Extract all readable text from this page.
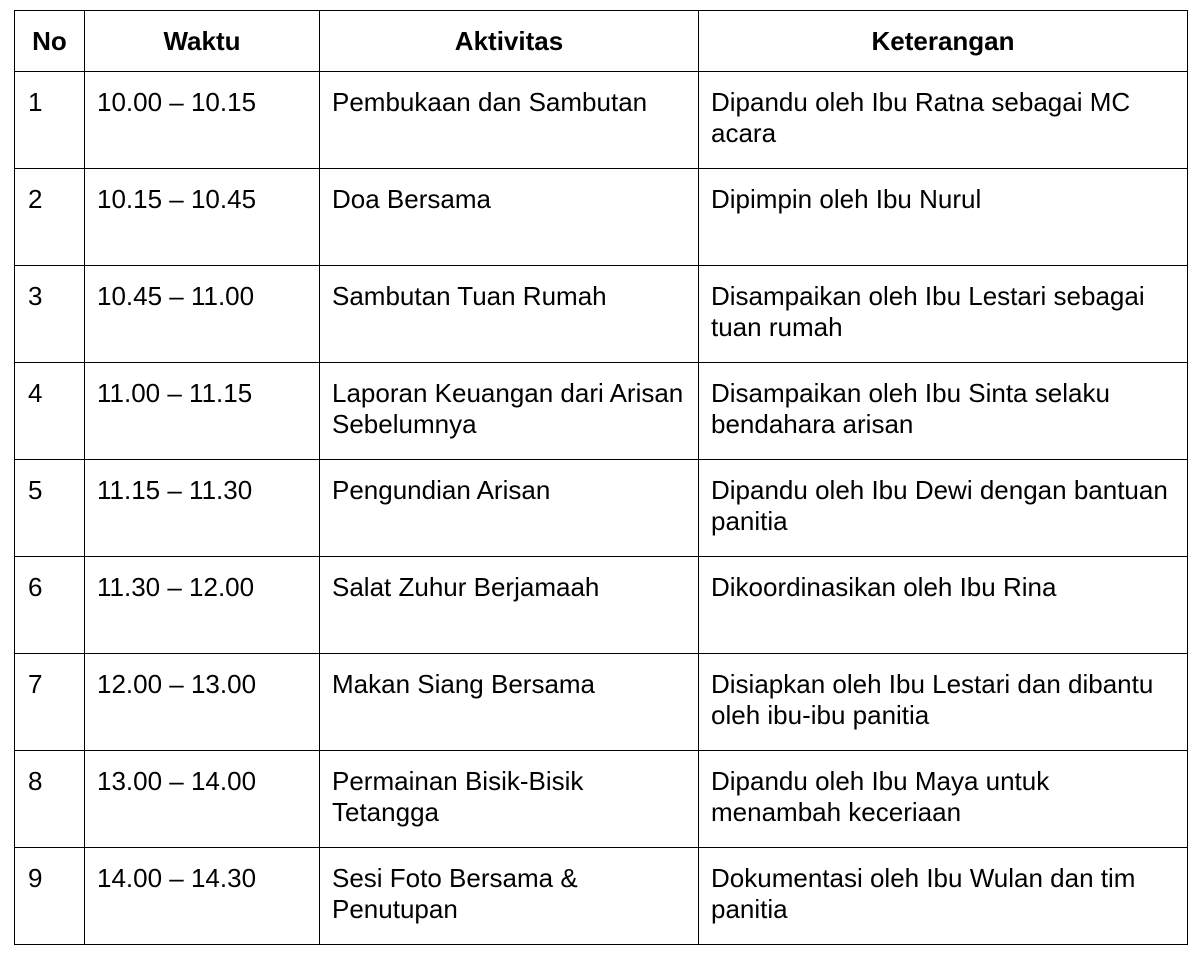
No	Waktu	Aktivitas	Keterangan
1	10.00 – 10.15	Pembukaan dan Sambutan	Dipandu oleh Ibu Ratna sebagai MC acara
2	10.15 – 10.45	Doa Bersama	Dipimpin oleh Ibu Nurul
3	10.45 – 11.00	Sambutan Tuan Rumah	Disampaikan oleh Ibu Lestari sebagai tuan rumah
4	11.00 – 11.15	Laporan Keuangan dari Arisan Sebelumnya	Disampaikan oleh Ibu Sinta selaku bendahara arisan
5	11.15 – 11.30	Pengundian Arisan	Dipandu oleh Ibu Dewi dengan bantuan panitia
6	11.30 – 12.00	Salat Zuhur Berjamaah	Dikoordinasikan oleh Ibu Rina
7	12.00 – 13.00	Makan Siang Bersama	Disiapkan oleh Ibu Lestari dan dibantu oleh ibu-ibu panitia
8	13.00 – 14.00	Permainan Bisik-Bisik Tetangga	Dipandu oleh Ibu Maya untuk menambah keceriaan
9	14.00 – 14.30	Sesi Foto Bersama & Penutupan	Dokumentasi oleh Ibu Wulan dan tim panitia
